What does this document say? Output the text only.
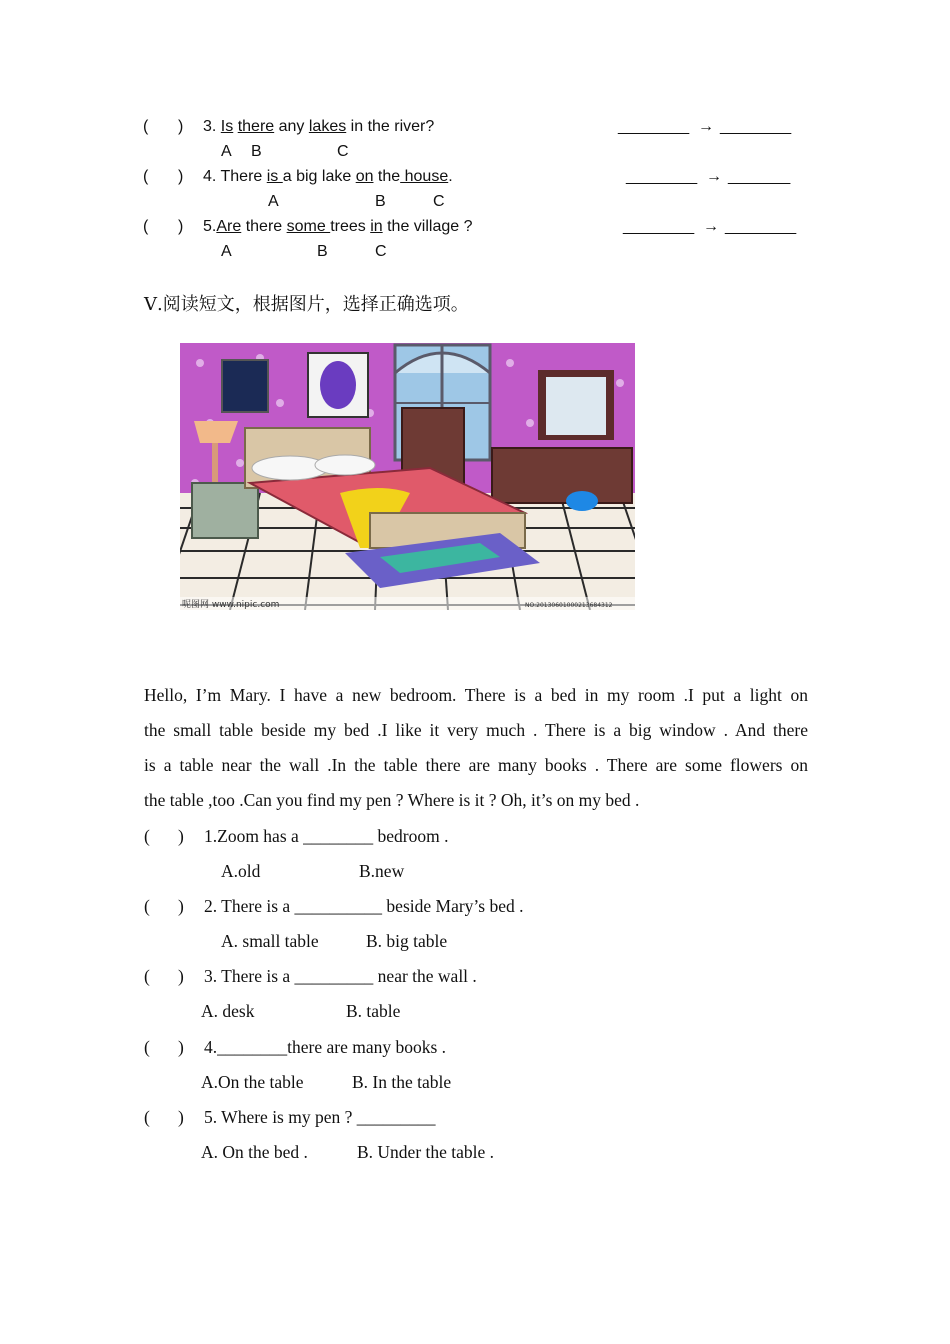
( ) 3. Is there any lakes in the river?	________ → ________
A B	C
( ) 4. There is a big lake on the house.	________ → _______
A	B	C
( ) 5.Are there some trees in the village ?	________ → ________
A	B	C
Ⅴ.阅读短文，根据图片，选择正确选项。
呢图网 www.nipic.com	NO:20130601000213684312
Hello, I’m Mary. I have a new bedroom. There is a bed in my room .I put a light on
the small table beside my bed .I like it very much . There is a big window . And there
is a table near the wall .In the table there are many books . There are some flowers on
the table ,too .Can you find my pen ? Where is it ? Oh, it’s on my bed .
( ) 1.Zoom has a ________ bedroom .
A.old	B.new
( ) 2. There is a __________ beside Mary’s bed .
A. small table	B. big table
( ) 3. There is a _________ near the wall .
A. desk	B. table
( ) 4.________there are many books .
A.On the table	B. In the table
( ) 5. Where is my pen ? _________
A. On the bed .	B. Under the table .
